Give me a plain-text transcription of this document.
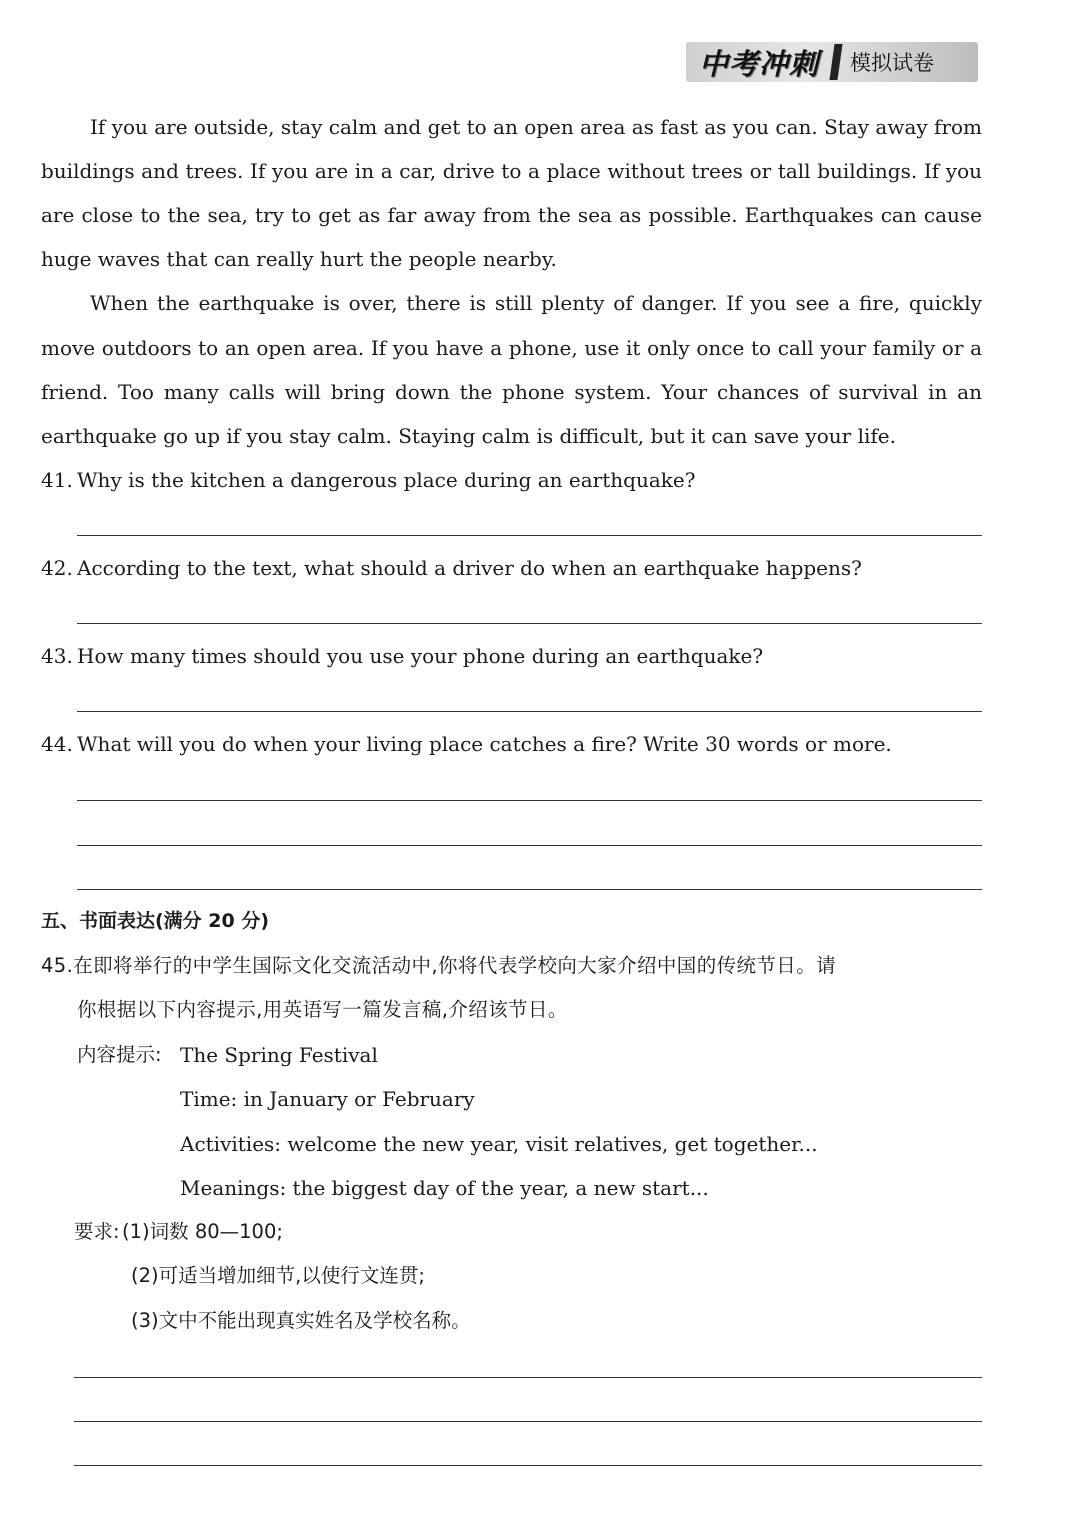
中考冲刺	模拟试卷
If you are outside, stay calm and get to an open area as fast as you can. Stay away from
buildings and trees. If you are in a car, drive to a place without trees or tall buildings. If you
are close to the sea, try to get as far away from the sea as possible. Earthquakes can cause
huge waves that can really hurt the people nearby.
When the earthquake is over, there is still plenty of danger. If you see a fire, quickly
move outdoors to an open area. If you have a phone, use it only once to call your family or a
friend. Too many calls will bring down the phone system. Your chances of survival in an
earthquake go up if you stay calm. Staying calm is difficult, but it can save your life.
41. Why is the kitchen a dangerous place during an earthquake?
42. According to the text, what should a driver do when an earthquake happens?
43. How many times should you use your phone during an earthquake?
44. What will you do when your living place catches a fire? Write 30 words or more.
五、书面表达(满分 20 分)
45.在即将举行的中学生国际文化交流活动中,你将代表学校向大家介绍中国的传统节日。请
你根据以下内容提示,用英语写一篇发言稿,介绍该节日。
内容提示: The Spring Festival
Time: in January or February
Activities: welcome the new year, visit relatives, get together...
Meanings: the biggest day of the year, a new start...
要求: (1)词数 80—100;
(2)可适当增加细节,以使行文连贯;
(3)文中不能出现真实姓名及学校名称。
